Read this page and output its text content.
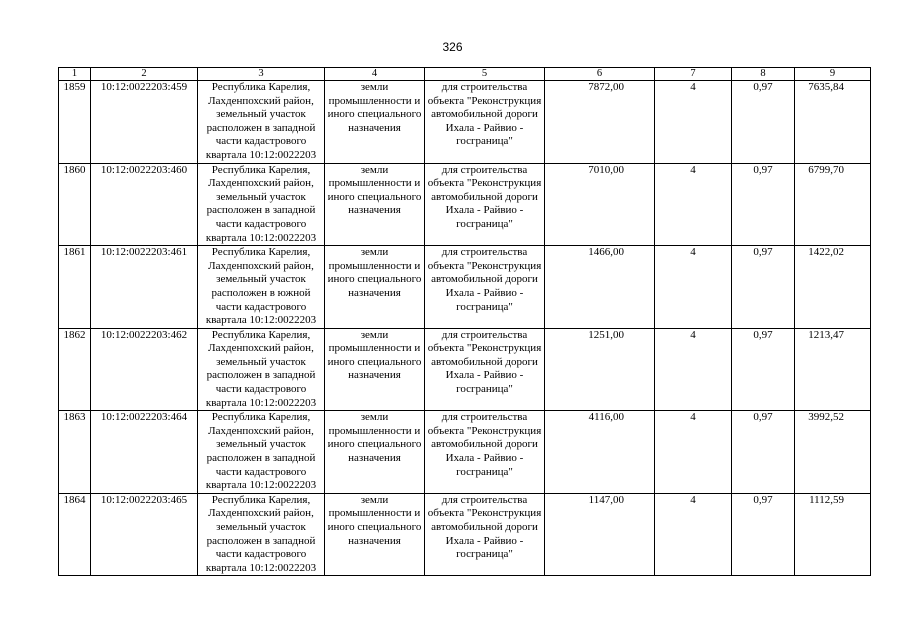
326
1	2	3	4	5	6	7	8	9
1859	10:12:0022203:459	Республика Карелия, Лахденпохский район, земельный участок расположен в западной части кадастрового квартала 10:12:0022203	земли промышленности и иного специального назначения	для строительства объекта "Реконструкция автомобильной дороги Ихала - Райвио - госграница"	7872,00	4	0,97	7635,84
1860	10:12:0022203:460	Республика Карелия, Лахденпохский район, земельный участок расположен в западной части кадастрового квартала 10:12:0022203	земли промышленности и иного специального назначения	для строительства объекта "Реконструкция автомобильной дороги Ихала - Райвио - госграница"	7010,00	4	0,97	6799,70
1861	10:12:0022203:461	Республика Карелия, Лахденпохский район, земельный участок расположен в южной части кадастрового квартала 10:12:0022203	земли промышленности и иного специального назначения	для строительства объекта "Реконструкция автомобильной дороги Ихала - Райвио - госграница"	1466,00	4	0,97	1422,02
1862	10:12:0022203:462	Республика Карелия, Лахденпохский район, земельный участок расположен в западной части кадастрового квартала 10:12:0022203	земли промышленности и иного специального назначения	для строительства объекта "Реконструкция автомобильной дороги Ихала - Райвио - госграница"	1251,00	4	0,97	1213,47
1863	10:12:0022203:464	Республика Карелия, Лахденпохский район, земельный участок расположен в западной части кадастрового квартала 10:12:0022203	земли промышленности и иного специального назначения	для строительства объекта "Реконструкция автомобильной дороги Ихала - Райвио - госграница"	4116,00	4	0,97	3992,52
1864	10:12:0022203:465	Республика Карелия, Лахденпохский район, земельный участок расположен в западной части кадастрового квартала 10:12:0022203	земли промышленности и иного специального назначения	для строительства объекта "Реконструкция автомобильной дороги Ихала - Райвио - госграница"	1147,00	4	0,97	1112,59
